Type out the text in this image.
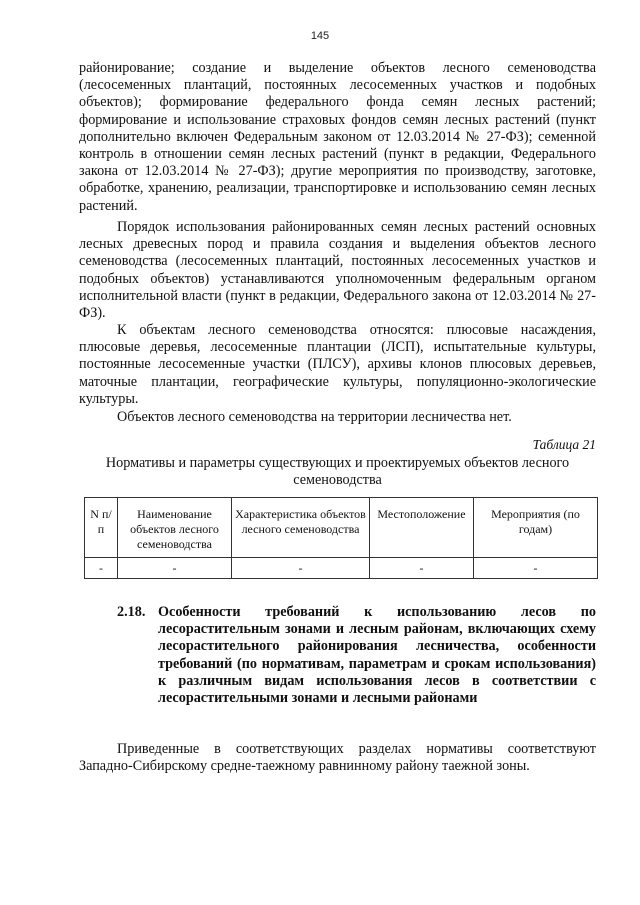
145

районирование; создание и выделение объектов лесного семеноводства (лесосеменных плантаций, постоянных лесосеменных участков и подобных объектов); формирование федерального фонда семян лесных растений; формирование и использование страховых фондов семян лесных растений (пункт дополнительно включен Федеральным законом от 12.03.2014 № 27-ФЗ); семенной контроль в отношении семян лесных растений (пункт в редакции, Федерального закона от 12.03.2014 № 27-ФЗ); другие мероприятия по производству, заготовке, обработке, хранению, реализации, транспортировке и использованию семян лесных растений.

Порядок использования районированных семян лесных растений основных лесных древесных пород и правила создания и выделения объектов лесного семеноводства (лесосеменных плантаций, постоянных лесосеменных участков и подобных объектов) устанавливаются уполномоченным федеральным органом исполнительной власти (пункт в редакции, Федерального закона от 12.03.2014 № 27-ФЗ).

К объектам лесного семеноводства относятся: плюсовые насаждения, плюсовые деревья, лесосеменные плантации (ЛСП), испытательные культуры, постоянные лесосеменные участки (ПЛСУ), архивы клонов плюсовых деревьев, маточные плантации, географические культуры, популяционно-экологические культуры.

Объектов лесного семеноводства на территории лесничества нет.

Таблица 21
Нормативы и параметры существующих и проектируемых объектов лесного семеноводства
N п/п	Наименование объектов лесного семеноводства	Характеристика объектов лесного семеноводства	Местоположение	Мероприятия (по годам)
-	-	-	-	-
2.18. Особенности требований к использованию лесов по лесорастительным зонами и лесным районам, включающих схему лесорастительного районирования лесничества, особенности требований (по нормативам, параметрам и срокам использования) к различным видам использования лесов в соответствии с лесорастительными зонами и лесными районами

Приведенные в соответствующих разделах нормативы соответствуют Западно-Сибирскому средне-таежному равнинному району таежной зоны.
